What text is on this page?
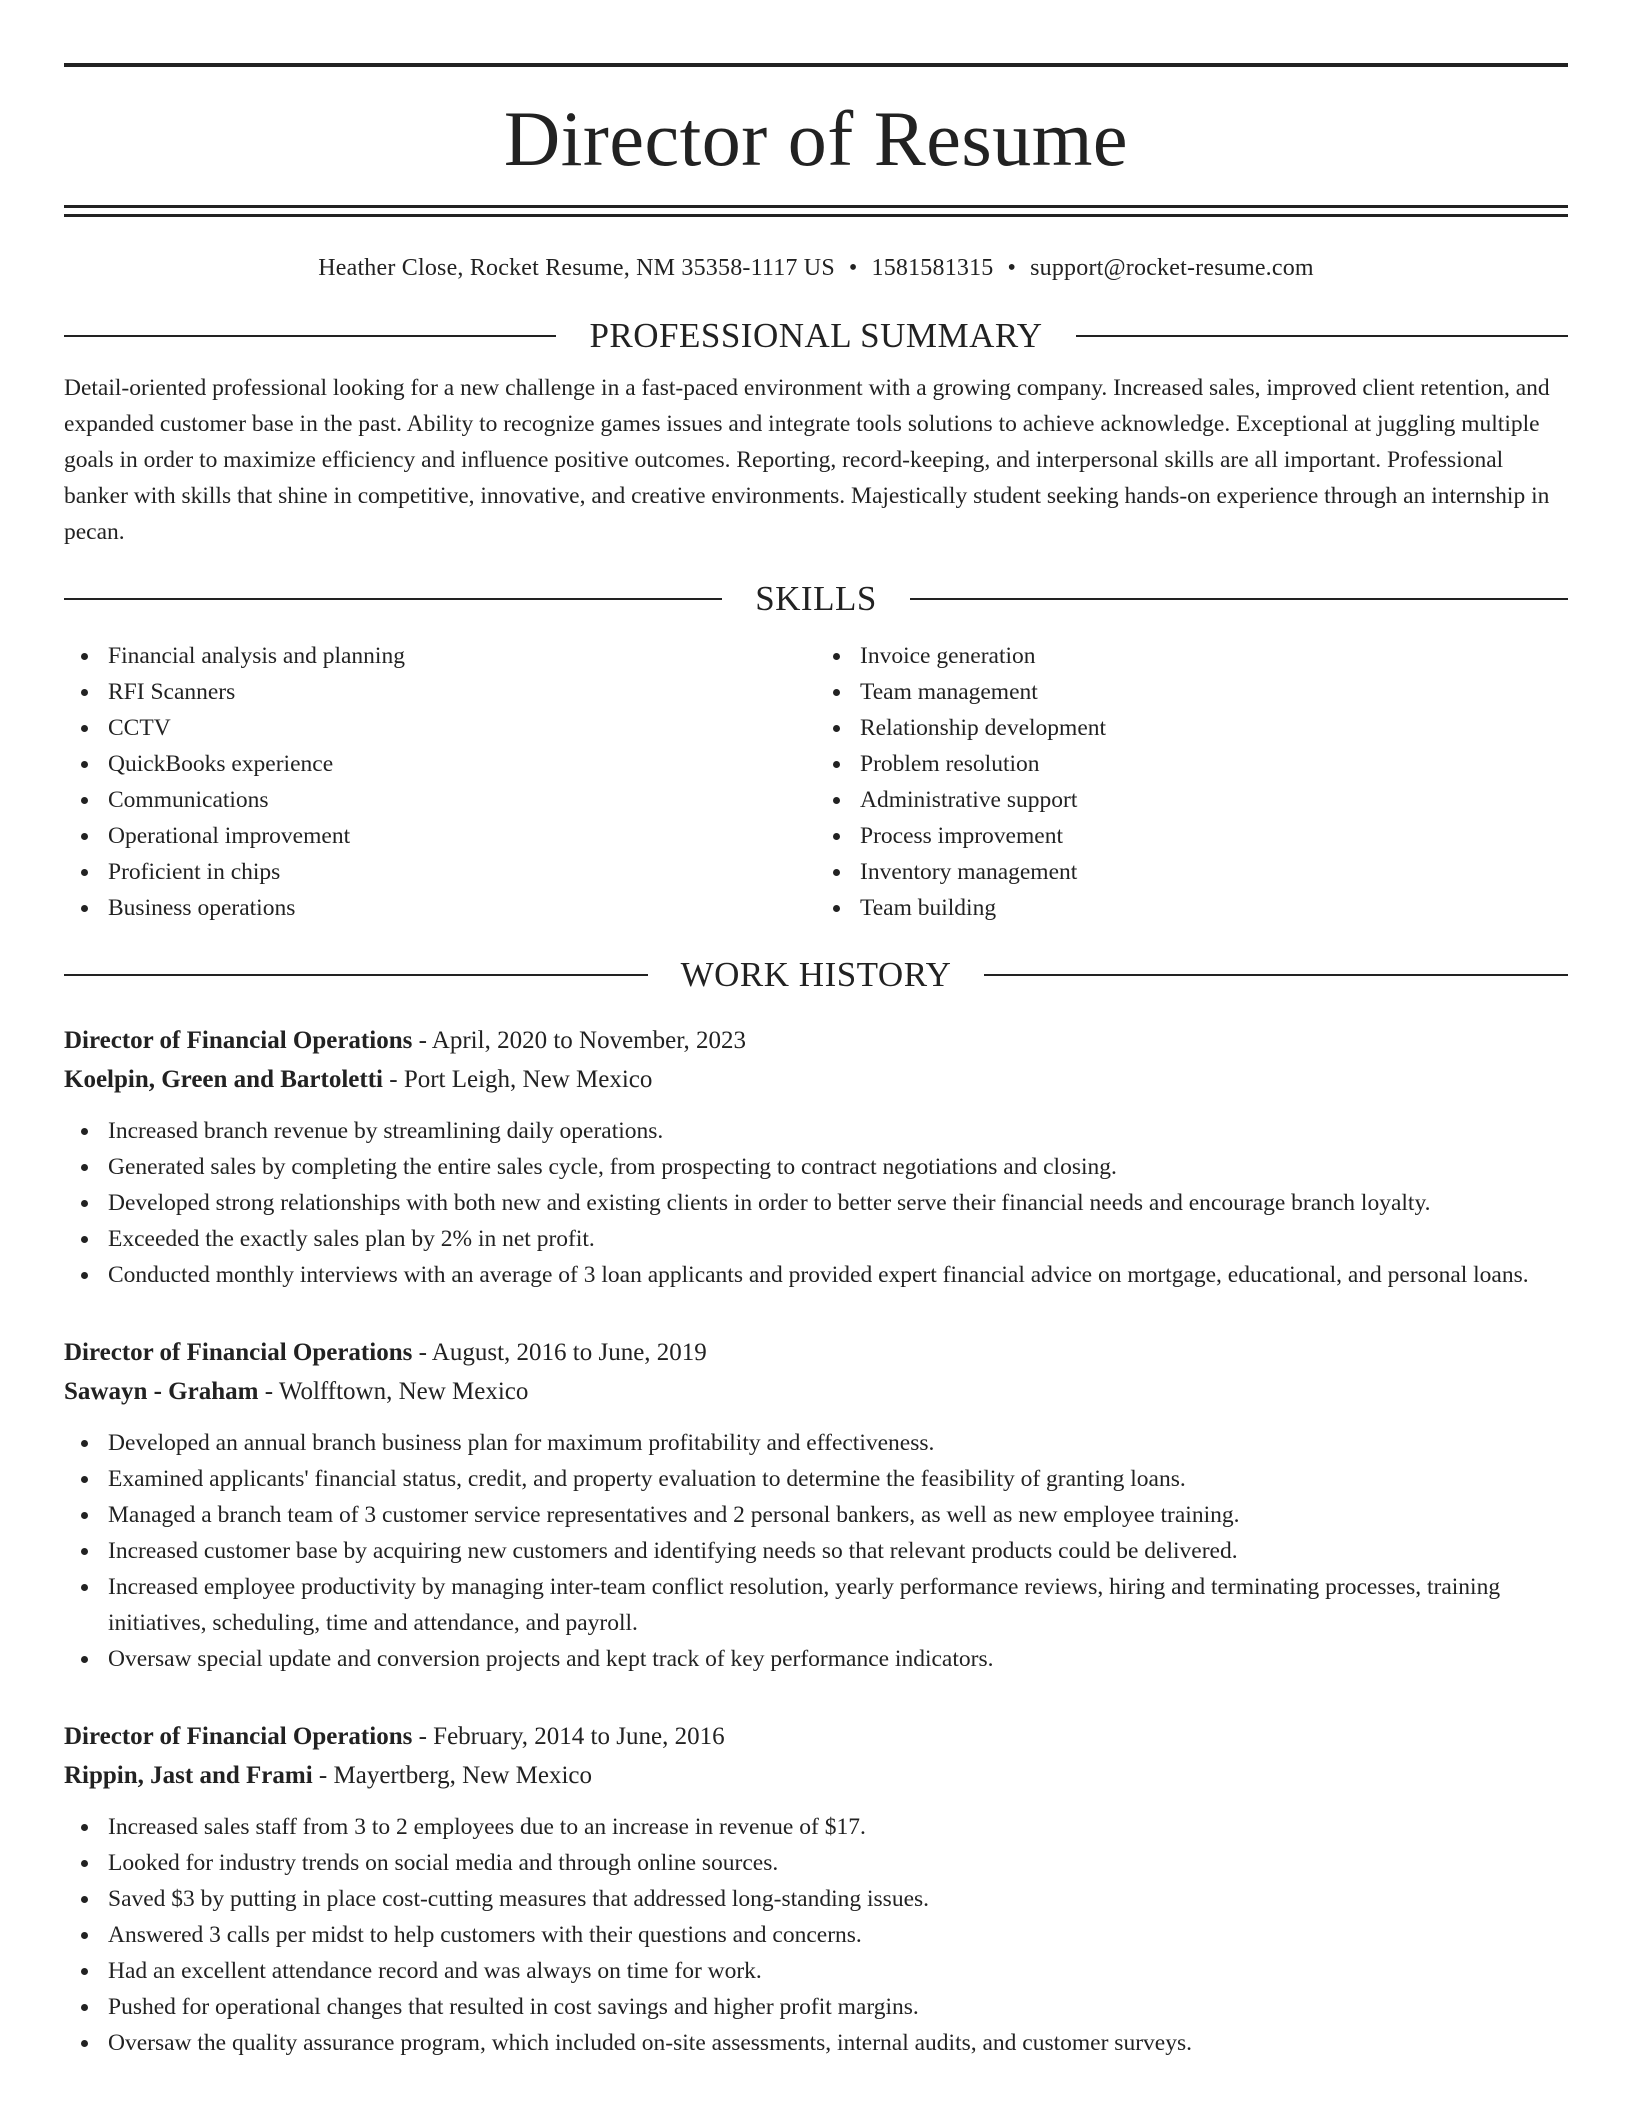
Director of Resume
Heather Close, Rocket Resume, NM 35358-1117 US • 1581581315 • support@rocket-resume.com
PROFESSIONAL SUMMARY
Detail-oriented professional looking for a new challenge in a fast-paced environment with a growing company. Increased sales, improved client retention, and expanded customer base in the past. Ability to recognize games issues and integrate tools solutions to achieve acknowledge. Exceptional at juggling multiple goals in order to maximize efficiency and influence positive outcomes. Reporting, record-keeping, and interpersonal skills are all important. Professional banker with skills that shine in competitive, innovative, and creative environments. Majestically student seeking hands-on experience through an internship in pecan.
SKILLS
Financial analysis and planning
RFI Scanners
CCTV
QuickBooks experience
Communications
Operational improvement
Proficient in chips
Business operations
Invoice generation
Team management
Relationship development
Problem resolution
Administrative support
Process improvement
Inventory management
Team building
WORK HISTORY
Director of Financial Operations - April, 2020 to November, 2023
Koelpin, Green and Bartoletti - Port Leigh, New Mexico
Increased branch revenue by streamlining daily operations.
Generated sales by completing the entire sales cycle, from prospecting to contract negotiations and closing.
Developed strong relationships with both new and existing clients in order to better serve their financial needs and encourage branch loyalty.
Exceeded the exactly sales plan by 2% in net profit.
Conducted monthly interviews with an average of 3 loan applicants and provided expert financial advice on mortgage, educational, and personal loans.
Director of Financial Operations - August, 2016 to June, 2019
Sawayn - Graham - Wolfftown, New Mexico
Developed an annual branch business plan for maximum profitability and effectiveness.
Examined applicants' financial status, credit, and property evaluation to determine the feasibility of granting loans.
Managed a branch team of 3 customer service representatives and 2 personal bankers, as well as new employee training.
Increased customer base by acquiring new customers and identifying needs so that relevant products could be delivered.
Increased employee productivity by managing inter-team conflict resolution, yearly performance reviews, hiring and terminating processes, training initiatives, scheduling, time and attendance, and payroll.
Oversaw special update and conversion projects and kept track of key performance indicators.
Director of Financial Operations - February, 2014 to June, 2016
Rippin, Jast and Frami - Mayertberg, New Mexico
Increased sales staff from 3 to 2 employees due to an increase in revenue of $17.
Looked for industry trends on social media and through online sources.
Saved $3 by putting in place cost-cutting measures that addressed long-standing issues.
Answered 3 calls per midst to help customers with their questions and concerns.
Had an excellent attendance record and was always on time for work.
Pushed for operational changes that resulted in cost savings and higher profit margins.
Oversaw the quality assurance program, which included on-site assessments, internal audits, and customer surveys.
